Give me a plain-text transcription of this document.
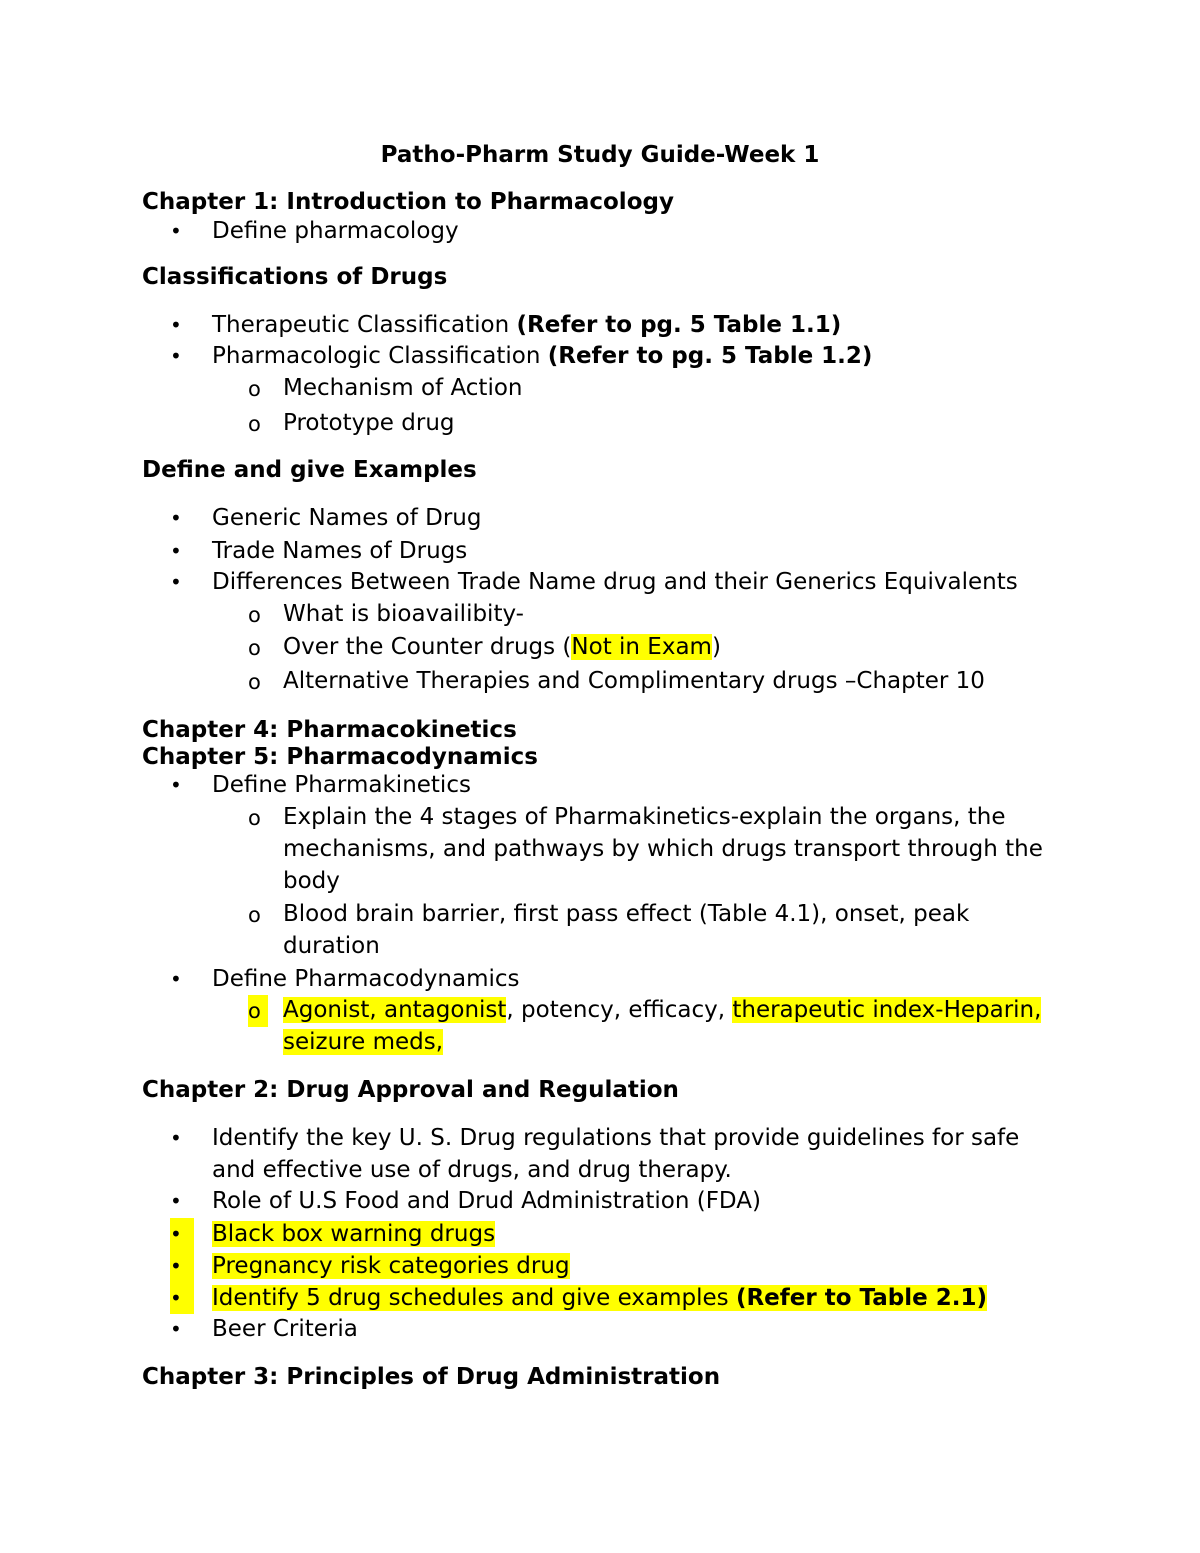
Patho-Pharm Study Guide-Week 1
Chapter 1: Introduction to Pharmacology
•	Define pharmacology
Classifications of Drugs
•	Therapeutic Classification (Refer to pg. 5 Table 1.1)
•	Pharmacologic Classification (Refer to pg. 5 Table 1.2)
o Mechanism of Action
o Prototype drug
Define and give Examples
•	Generic Names of Drug
•	Trade Names of Drugs
•	Differences Between Trade Name drug and their Generics Equivalents
o What is bioavailibity-
o Over the Counter drugs (Not in Exam)
o Alternative Therapies and Complimentary drugs –Chapter 10
Chapter 4: Pharmacokinetics
Chapter 5: Pharmacodynamics
•	Define Pharmakinetics
o Explain the 4 stages of Pharmakinetics-explain the organs, the mechanisms, and pathways by which drugs transport through the body
o Blood brain barrier, first pass effect (Table 4.1), onset, peak duration
•	Define Pharmacodynamics
o Agonist, antagonist, potency, efficacy, therapeutic index-Heparin,
seizure meds,
Chapter 2: Drug Approval and Regulation
•	Identify the key U. S. Drug regulations that provide guidelines for safe and effective use of drugs, and drug therapy.
•	Role of U.S Food and Drud Administration (FDA)
•	Black box warning drugs
•	Pregnancy risk categories drug
•	Identify 5 drug schedules and give examples (Refer to Table 2.1)
•	Beer Criteria
Chapter 3: Principles of Drug Administration
